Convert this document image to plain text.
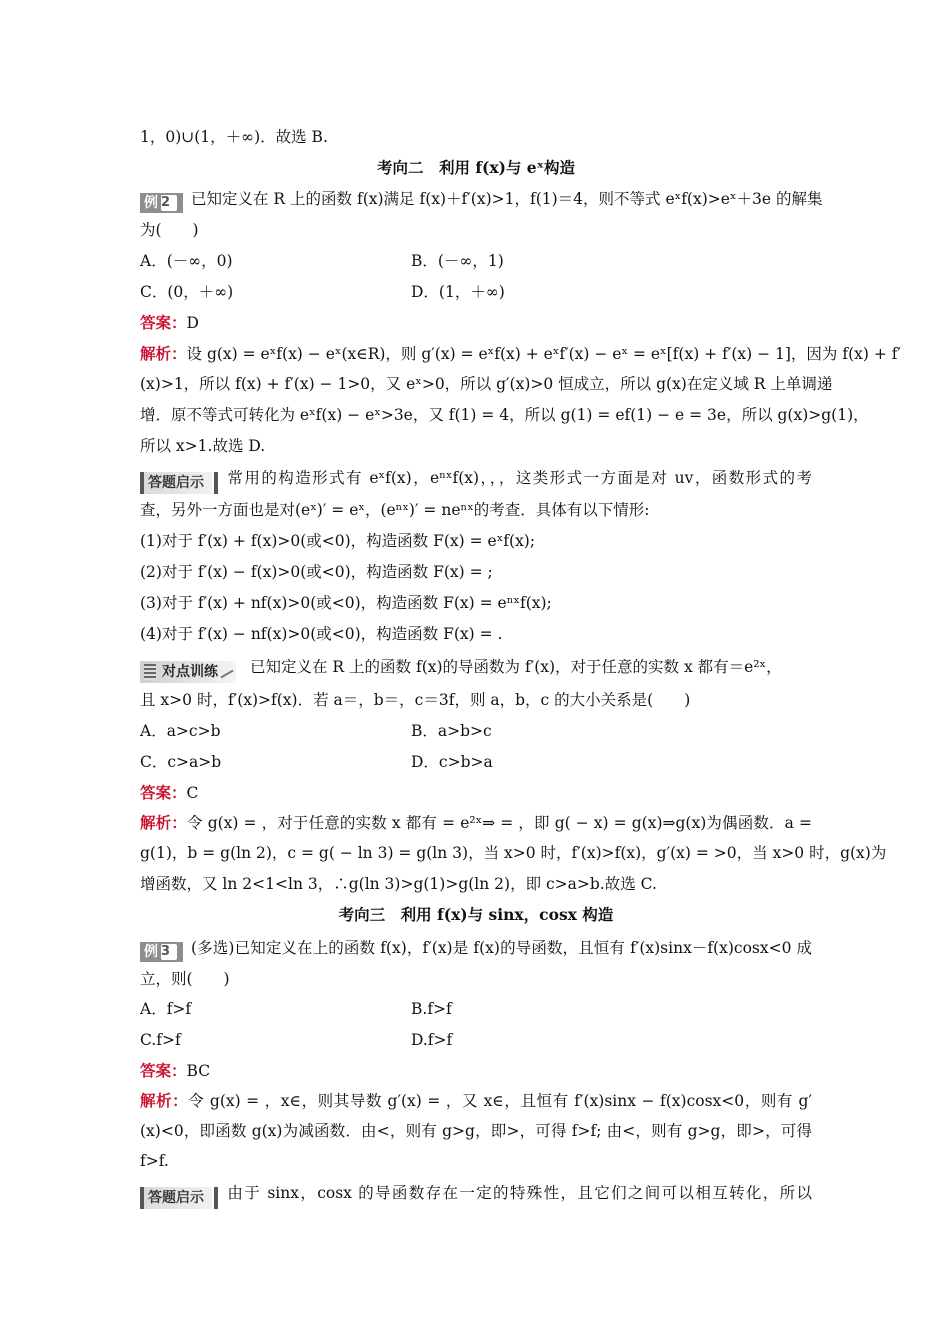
1，0)∪(1，＋∞)．故选 B.
考向二　利用 f(x)与 eˣ构造
例 2 已知定义在 R 上的函数 f(x)满足 f(x)＋f′(x)>1，f(1)＝4，则不等式 eˣf(x)>eˣ＋3e 的解集
为(　　)
A．(－∞，0)	B．(－∞，1)
C．(0，＋∞)	D．(1，＋∞)
答案：D
解析：设 g(x) = eˣf(x) − eˣ(x∈R)，则 g′(x) = eˣf(x) + eˣf′(x) − eˣ = eˣ[f(x) + f′(x) − 1]，因为 f(x) + f′
(x)>1，所以 f(x) + f′(x) − 1>0，又 eˣ>0，所以 g′(x)>0 恒成立，所以 g(x)在定义域 R 上单调递
增．原不等式可转化为 eˣf(x) − eˣ>3e，又 f(1) = 4，所以 g(1) = ef(1) − e = 3e，所以 g(x)>g(1)，
所以 x>1.故选 D.
答题启示 常用的构造形式有 eˣf(x)，eⁿˣf(x)，，，这类形式一方面是对 uv，函数形式的考
查，另外一方面也是对(eˣ)′ = eˣ，(eⁿˣ)′ = neⁿˣ的考查．具体有以下情形:
(1)对于 f′(x) + f(x)>0(或<0)，构造函数 F(x) = eˣf(x);
(2)对于 f′(x) − f(x)>0(或<0)，构造函数 F(x) = ;
(3)对于 f′(x) + nf(x)>0(或<0)，构造函数 F(x) = eⁿˣf(x);
(4)对于 f′(x) − nf(x)>0(或<0)，构造函数 F(x) = .
对点训练 已知定义在 R 上的函数 f(x)的导函数为 f′(x)，对于任意的实数 x 都有＝e²ˣ，
且 x>0 时，f′(x)>f(x)．若 a＝，b＝，c＝3f，则 a，b，c 的大小关系是(　　)
A．a>c>b	B．a>b>c
C．c>a>b	D．c>b>a
答案：C
解析：令 g(x) = ，对于任意的实数 x 都有 = e²ˣ⇒ = ，即 g( − x) = g(x)⇒g(x)为偶函数．a =
g(1)，b = g(ln 2)，c = g( − ln 3) = g(ln 3)，当 x>0 时，f′(x)>f(x)，g′(x) = >0，当 x>0 时，g(x)为
增函数，又 ln 2<1<ln 3，∴g(ln 3)>g(1)>g(ln 2)，即 c>a>b.故选 C.
考向三　利用 f(x)与 sinx，cosx 构造
例 3 (多选)已知定义在上的函数 f(x)，f′(x)是 f(x)的导函数，且恒有 f′(x)sinx－f(x)cosx<0 成
立，则(　　)
A．f>f	B.f>f
C.f>f	D.f>f
答案：BC
解析：令 g(x) = ，x∈，则其导数 g′(x) = ，又 x∈，且恒有 f′(x)sinx − f(x)cosx<0，则有 g′
(x)<0，即函数 g(x)为减函数．由<，则有 g>g，即>，可得 f>f; 由<，则有 g>g，即>，可得
f>f.
答题启示 由于 sinx，cosx 的导函数存在一定的特殊性，且它们之间可以相互转化，所以
